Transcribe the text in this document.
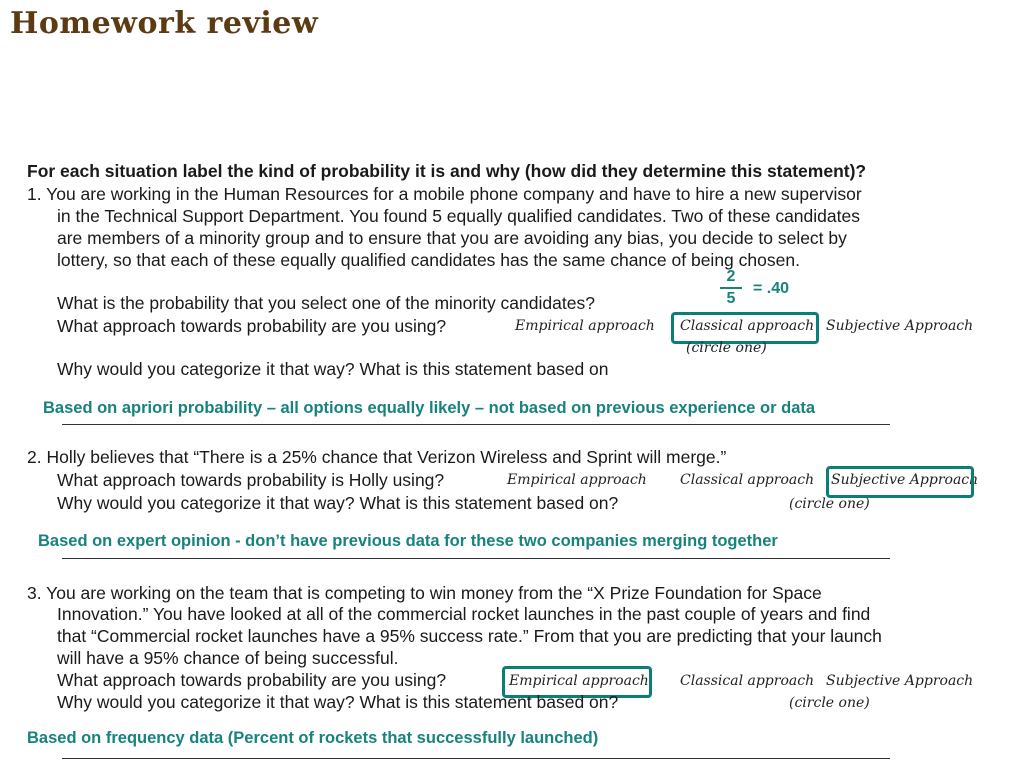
Homework review
For each situation label the kind of probability it is and why (how did they determine this statement)?
1. You are working in the Human Resources for a mobile phone company and have to hire a new supervisor
in the Technical Support Department. You found 5 equally qualified candidates. Two of these candidates
are members of a minority group and to ensure that you are avoiding any bias, you decide to select by
lottery, so that each of these equally qualified candidates has the same chance of being chosen.
2
5
= .40
What is the probability that you select one of the minority candidates?
What approach towards probability are you using?	Empirical approach Classical approach Subjective Approach
(circle one)
Why would you categorize it that way? What is this statement based on
Based on apriori probability – all options equally likely – not based on previous experience or data
2. Holly believes that “There is a 25% chance that Verizon Wireless and Sprint will merge.”
What approach towards probability is Holly using?	Empirical approach Classical approach Subjective Approach
Why would you categorize it that way? What is this statement based on?	(circle one)
Based on expert opinion - don’t have previous data for these two companies merging together
3. You are working on the team that is competing to win money from the “X Prize Foundation for Space
Innovation.” You have looked at all of the commercial rocket launches in the past couple of years and find
that “Commercial rocket launches have a 95% success rate.” From that you are predicting that your launch
will have a 95% chance of being successful.
What approach towards probability are you using?	Empirical approach Classical approach Subjective Approach
Why would you categorize it that way? What is this statement based on?	(circle one)
Based on frequency data (Percent of rockets that successfully launched)
